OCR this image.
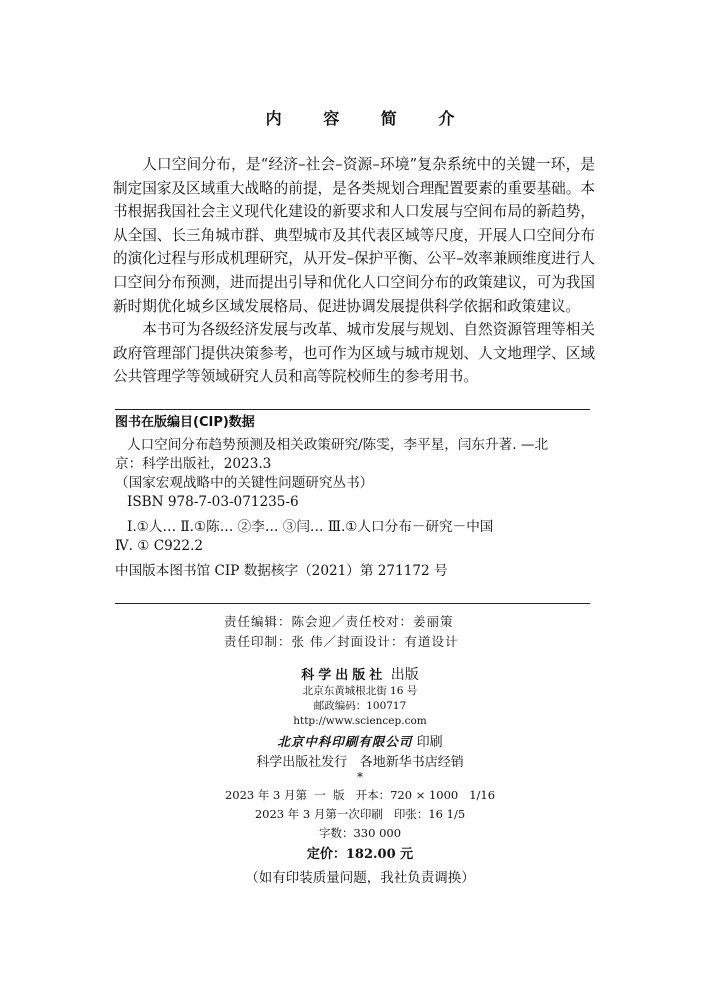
内 容 简 介

人口空间分布，是“经济–社会–资源–环境”复杂系统中的关键一环，是制定国家及区域重大战略的前提，是各类规划合理配置要素的重要基础。本书根据我国社会主义现代化建设的新要求和人口发展与空间布局的新趋势，从全国、长三角城市群、典型城市及其代表区域等尺度，开展人口空间分布的演化过程与形成机理研究，从开发–保护平衡、公平–效率兼顾维度进行人口空间分布预测，进而提出引导和优化人口空间分布的政策建议，可为我国新时期优化城乡区域发展格局、促进协调发展提供科学依据和政策建议。

本书可为各级经济发展与改革、城市发展与规划、自然资源管理等相关政府管理部门提供决策参考，也可作为区域与城市规划、人文地理学、区域公共管理学等领域研究人员和高等院校师生的参考用书。

图书在版编目(CIP)数据
人口空间分布趋势预测及相关政策研究/陈雯，李平星，闫东升著. —北
京：科学出版社，2023.3
（国家宏观战略中的关键性问题研究丛书）
ISBN 978-7-03-071235-6
Ⅰ.①人… Ⅱ.①陈… ②李… ③闫… Ⅲ.①人口分布－研究－中国
Ⅳ. ① C922.2
中国版本图书馆 CIP 数据核字（2021）第 271172 号
责任编辑：陈会迎／责任校对：姜丽策
责任印制：张 伟／封面设计：有道设计
科学出版社 出版
北京东黄城根北街 16 号
邮政编码：100717
http://www.sciencep.com
北京中科印刷有限公司 印刷
科学出版社发行   各地新华书店经销
*
2023 年 3 月第  一  版   开本：720 × 1000   1/16
2023 年 3 月第一次印刷   印张：16 1/5
字数：330 000
定价：182.00 元
（如有印装质量问题，我社负责调换）
